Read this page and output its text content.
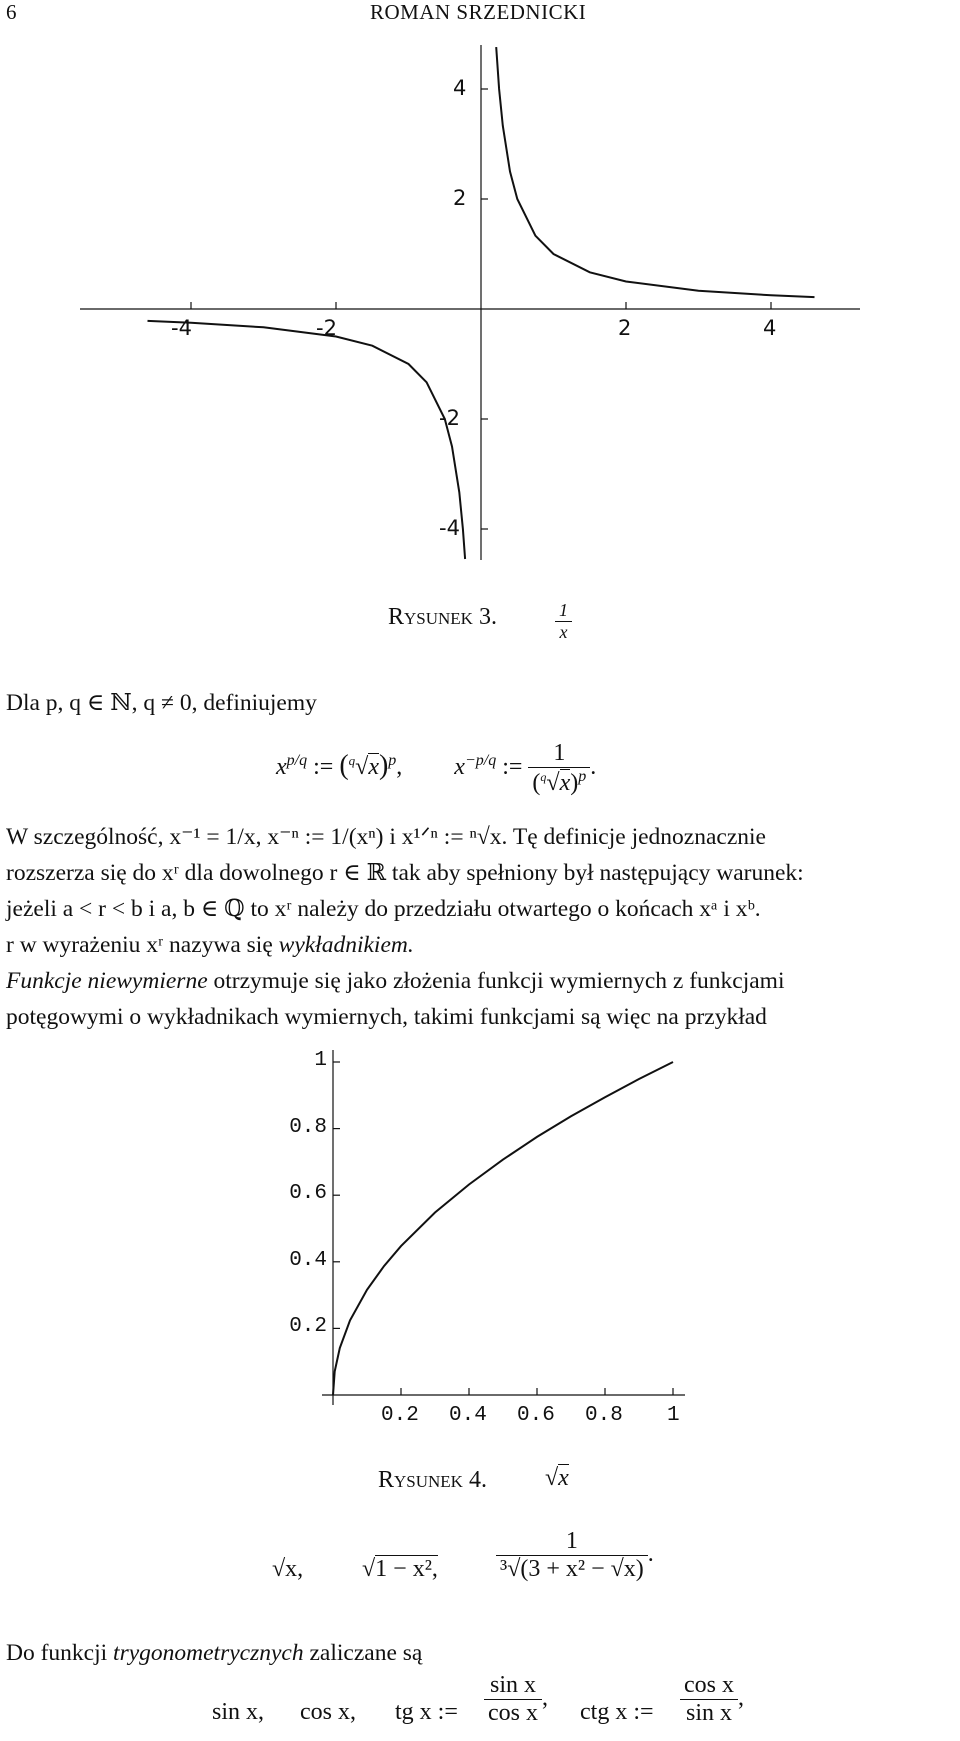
6	ROMAN SRZEDNICKI
-4	-2	2	4
4
2
-2
-4
Rysunek 3.	$\frac{1}{x}$
Dla p, q ∈ ℕ, q ≠ 0, definiujemy
$x^{p/q}$ := $(^q√x)^p$, $x^{-p/q}$ := $\frac{1}{(^q√x)^p}$ .
W szczególność, x⁻¹ = 1/x, x⁻ⁿ := 1/(xⁿ) i x¹ᐟⁿ := ⁿ√x. Tę definicje jednoznacznie
rozszerza się do xʳ dla dowolnego r ∈ ℝ tak aby spełniony był następujący warunek:
jeżeli a < r < b i a, b ∈ ℚ to xʳ należy do przedziału otwartego o końcach xᵃ i xᵇ.
r w wyrażeniu xʳ nazywa się wykładnikiem.
Funkcje niewymierne otrzymuje się jako złożenia funkcji wymiernych z funkcjami
potęgowymi o wykładnikach wymiernych, takimi funkcjami są więc na przykład
0.2 0.4 0.6 0.8 1
1
0.8
0.6
0.4
0.2
Rysunek 4. √x
√x, √1 − x², $\frac{1}{\text{³√(3 + x² − √x)}}$ .
Do funkcji trygonometrycznych zaliczane są
sin x, cos x, tg x := $\frac{\text{sin x}}{\text{cos x}}$ ,
ctg x := $\frac{\text{cos x}}{\text{sin x}}$ ,
